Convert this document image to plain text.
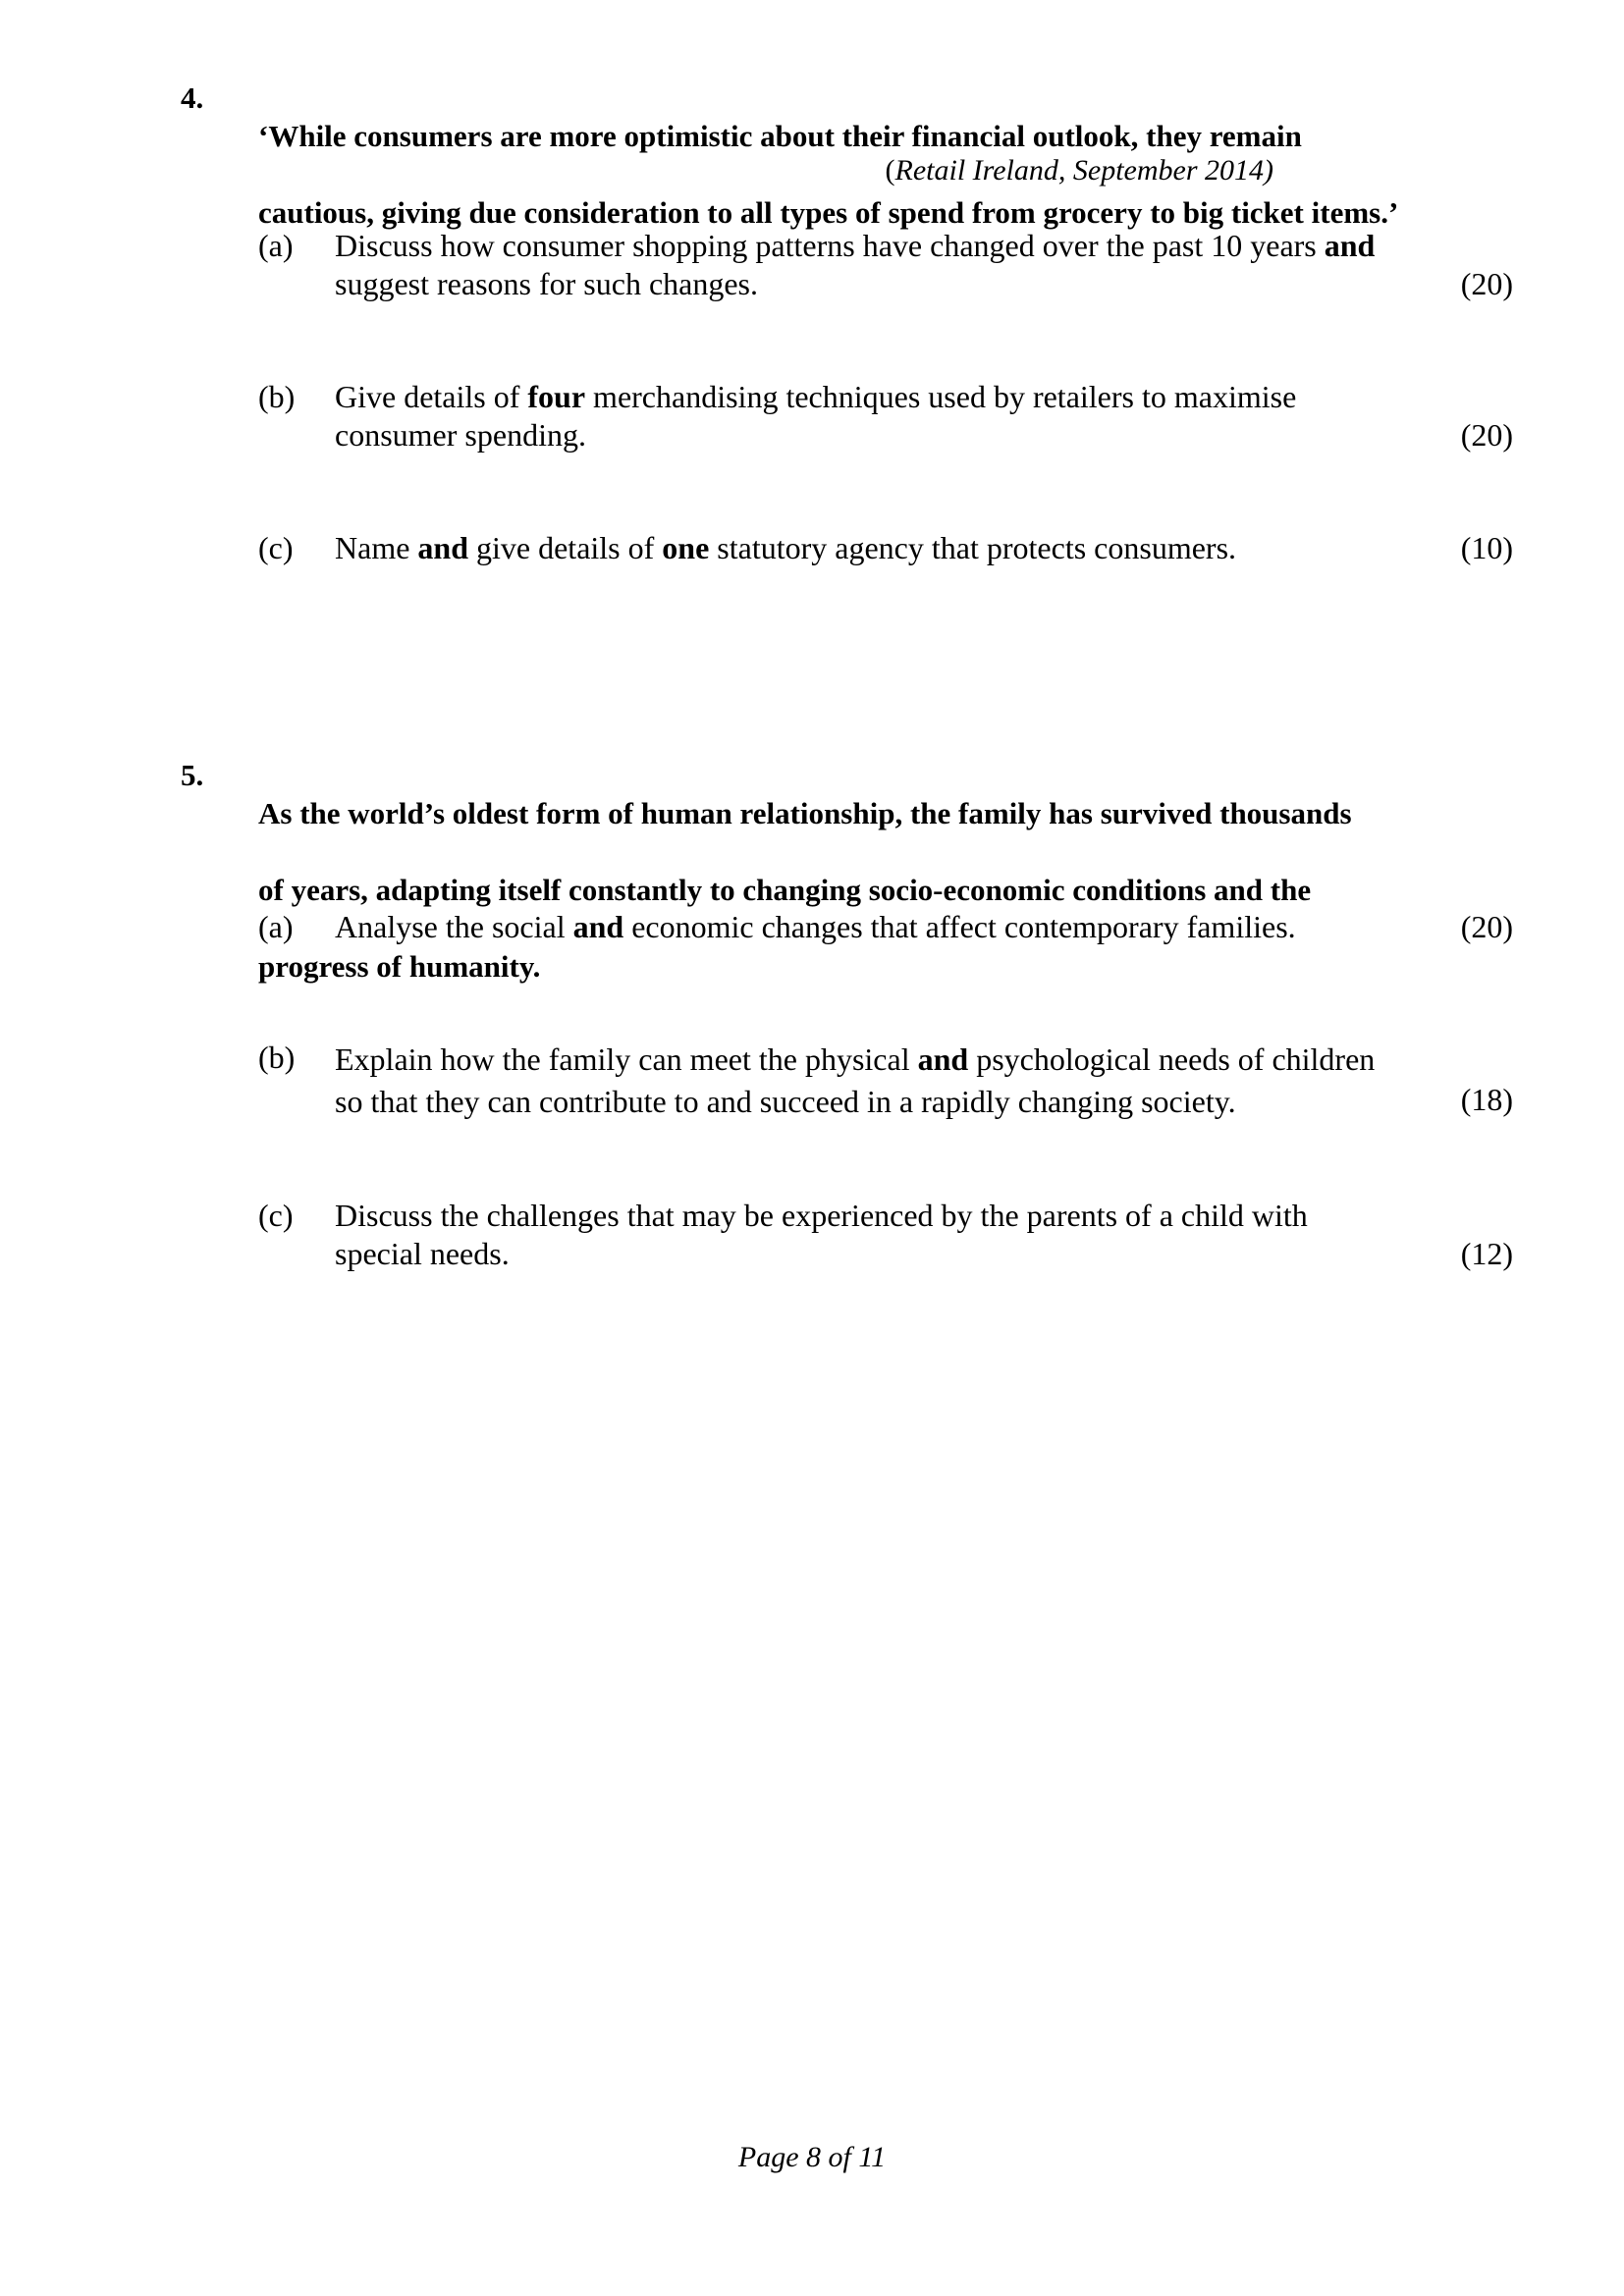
4.

‘While consumers are more optimistic about their financial outlook, they remain

cautious, giving due consideration to all types of spend from grocery to big ticket items.’

(Retail Ireland, September 2014)
(a) Discuss how consumer shopping patterns have changed over the past 10 years and
suggest reasons for such changes.	(20)
(b) Give details of four merchandising techniques used by retailers to maximise
consumer spending.	(20)
(c) Name and give details of one statutory agency that protects consumers.	(10)
5.

As the world’s oldest form of human relationship, the family has survived thousands

of years, adapting itself constantly to changing socio-economic conditions and the

progress of humanity.

(a) Analyse the social and economic changes that affect contemporary families.	(20)
(b) Explain how the family can meet the physical and psychological needs of children
so that they can contribute to and succeed in a rapidly changing society.	(18)
(c) Discuss the challenges that may be experienced by the parents of a child with
special needs.	(12)
Page 8 of 11
